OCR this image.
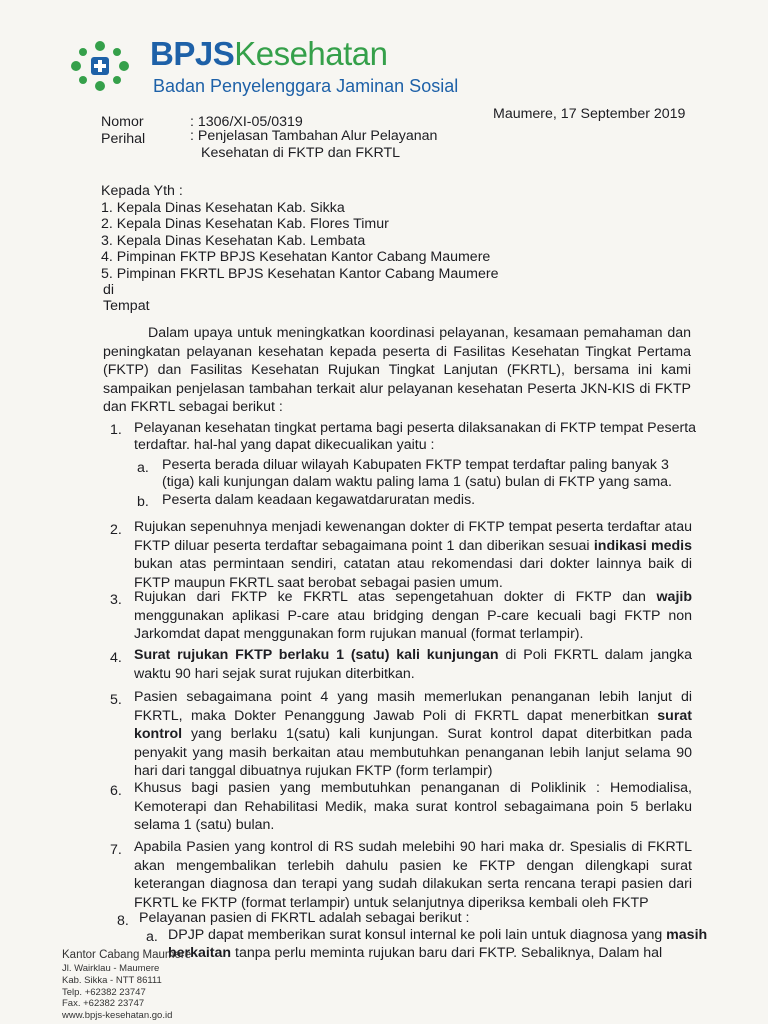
BPJSKesehatan
Badan Penyelenggara Jaminan Sosial
Nomor	: 1306/XI-05/0319
Perihal	: Penjelasan Tambahan Alur Pelayanan
Kesehatan di FKTP dan FKRTL
Maumere, 17 September 2019
Kepada Yth :
1. Kepala Dinas Kesehatan Kab. Sikka
2. Kepala Dinas Kesehatan Kab. Flores Timur
3. Kepala Dinas Kesehatan Kab. Lembata
4. Pimpinan FKTP BPJS Kesehatan Kantor Cabang Maumere
5. Pimpinan FKRTL BPJS Kesehatan Kantor Cabang Maumere
di
Tempat
Dalam upaya untuk meningkatkan koordinasi pelayanan, kesamaan pemahaman dan peningkatan pelayanan kesehatan kepada peserta di Fasilitas Kesehatan Tingkat Pertama (FKTP) dan Fasilitas Kesehatan Rujukan Tingkat Lanjutan (FKRTL), bersama ini kami sampaikan penjelasan tambahan terkait alur pelayanan kesehatan Peserta JKN-KIS di FKTP dan FKRTL sebagai berikut :
1. Pelayanan kesehatan tingkat pertama bagi peserta dilaksanakan di FKTP tempat Peserta
terdaftar. hal-hal yang dapat dikecualikan yaitu :
a. Peserta berada diluar wilayah Kabupaten FKTP tempat terdaftar paling banyak 3
(tiga) kali kunjungan dalam waktu paling lama 1 (satu) bulan di FKTP yang sama.
b. Peserta dalam keadaan kegawatdaruratan medis.
2. Rujukan sepenuhnya menjadi kewenangan dokter di FKTP tempat peserta terdaftar atau FKTP diluar peserta terdaftar sebagaimana point 1 dan diberikan sesuai indikasi medis bukan atas permintaan sendiri, catatan atau rekomendasi dari dokter lainnya baik di FKTP maupun FKRTL saat berobat sebagai pasien umum.
3. Rujukan dari FKTP ke FKRTL atas sepengetahuan dokter di FKTP dan wajib menggunakan aplikasi P-care atau bridging dengan P-care kecuali bagi FKTP non Jarkomdat dapat menggunakan form rujukan manual (format terlampir).
4. Surat rujukan FKTP berlaku 1 (satu) kali kunjungan di Poli FKRTL dalam jangka waktu 90 hari sejak surat rujukan diterbitkan.
5. Pasien sebagaimana point 4 yang masih memerlukan penanganan lebih lanjut di FKRTL, maka Dokter Penanggung Jawab Poli di FKRTL dapat menerbitkan surat kontrol yang berlaku 1(satu) kali kunjungan. Surat kontrol dapat diterbitkan pada penyakit yang masih berkaitan atau membutuhkan penanganan lebih lanjut selama 90 hari dari tanggal dibuatnya rujukan FKTP (form terlampir)
6. Khusus bagi pasien yang membutuhkan penanganan di Poliklinik : Hemodialisa, Kemoterapi dan Rehabilitasi Medik, maka surat kontrol sebagaimana poin 5 berlaku selama 1 (satu) bulan.
7. Apabila Pasien yang kontrol di RS sudah melebihi 90 hari maka dr. Spesialis di FKRTL akan mengembalikan terlebih dahulu pasien ke FKTP dengan dilengkapi surat keterangan diagnosa dan terapi yang sudah dilakukan serta rencana terapi pasien dari FKRTL ke FKTP (format terlampir) untuk selanjutnya diperiksa kembali oleh FKTP
8. Pelayanan pasien di FKRTL adalah sebagai berikut :
a. DPJP dapat memberikan surat konsul internal ke poli lain untuk diagnosa yang masih
berkaitan tanpa perlu meminta rujukan baru dari FKTP. Sebaliknya, Dalam hal
Kantor Cabang Maumere
Jl. Wairklau - Maumere
Kab. Sikka - NTT 86111
Telp. +62382 23747
Fax. +62382 23747
www.bpjs-kesehatan.go.id
